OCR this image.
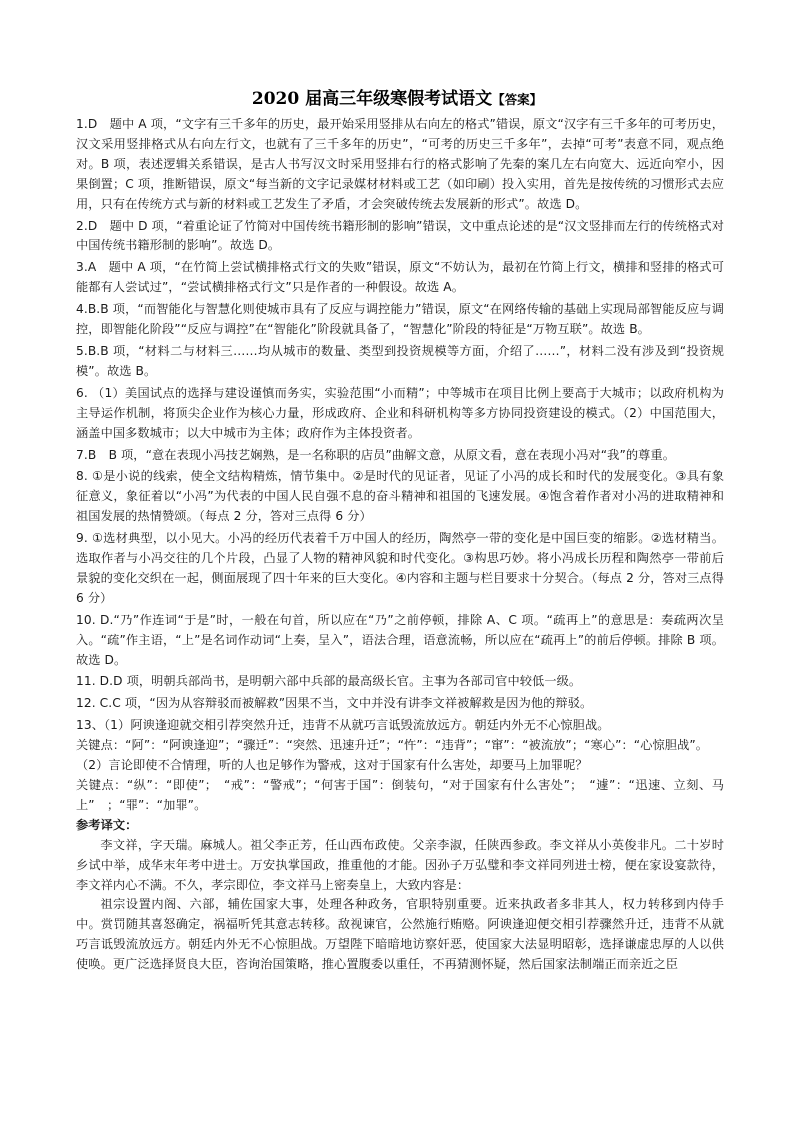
2020 届高三年级寒假考试语文【答案】

1.D　题中 A 项，“文字有三千多年的历史，最开始采用竖排从右向左的格式”错误，原文“汉字有三千多年的可考历史，汉文采用竖排格式从右向左行文，也就有了三千多年的历史”，“可考的历史三千多年”，去掉“可考”表意不同，观点绝对。B 项，表述逻辑关系错误，是古人书写汉文时采用竖排右行的格式影响了先秦的案几左右向宽大、远近向窄小，因果倒置；C 项，推断错误，原文“每当新的文字记录媒材材料或工艺（如印刷）投入实用，首先是按传统的习惯形式去应用，只有在传统方式与新的材料或工艺发生了矛盾，才会突破传统去发展新的形式”。故选 D。

2.D　题中 D 项，“着重论证了竹简对中国传统书籍形制的影响”错误，文中重点论述的是“汉文竖排而左行的传统格式对中国传统书籍形制的影响”。故选 D。

3.A　题中 A 项，“在竹简上尝试横排格式行文的失败”错误，原文“不妨认为，最初在竹简上行文，横排和竖排的格式可能都有人尝试过”，“尝试横排格式行文”只是作者的一种假设。故选 A。

4.B.B 项，“而智能化与智慧化则使城市具有了反应与调控能力”错误，原文“在网络传输的基础上实现局部智能反应与调控，即智能化阶段”“反应与调控”在“智能化”阶段就具备了，“智慧化”阶段的特征是“万物互联”。故选 B。

5.B.B 项，“材料二与材料三……均从城市的数量、类型到投资规模等方面，介绍了……”，材料二没有涉及到“投资规模”。故选 B。

6. （1）美国试点的选择与建设谨慎而务实，实验范围“小而精”；中等城市在项目比例上要高于大城市；以政府机构为主导运作机制，将顶尖企业作为核心力量，形成政府、企业和科研机构等多方协同投资建设的模式。（2）中国范围大，涵盖中国多数城市；以大中城市为主体；政府作为主体投资者。

7.B　B 项，“意在表现小冯技艺娴熟，是一名称职的店员”曲解文意，从原文看，意在表现小冯对“我”的尊重。

8. ①是小说的线索，使全文结构精炼，情节集中。②是时代的见证者，见证了小冯的成长和时代的发展变化。③具有象征意义，象征着以“小冯”为代表的中国人民自强不息的奋斗精神和祖国的飞速发展。④饱含着作者对小冯的进取精神和祖国发展的热情赞颂。（每点 2 分，答对三点得 6 分）

9. ①选材典型，以小见大。小冯的经历代表着千万中国人的经历，陶然亭一带的变化是中国巨变的缩影。②选材精当。选取作者与小冯交往的几个片段，凸显了人物的精神风貌和时代变化。③构思巧妙。将小冯成长历程和陶然亭一带前后景貌的变化交织在一起，侧面展现了四十年来的巨大变化。④内容和主题与栏目要求十分契合。（每点 2 分，答对三点得 6 分）

10. D.“乃”作连词“于是”时，一般在句首，所以应在“乃”之前停顿，排除 A、C 项。“疏再上”的意思是：奏疏两次呈入。“疏”作主语，“上”是名词作动词“上奏，呈入”，语法合理，语意流畅，所以应在“疏再上”的前后停顿。排除 B 项。故选 D。

11. D.D 项，明朝兵部尚书，是明朝六部中兵部的最高级长官。主事为各部司官中较低一级。

12. C.C 项，“因为从容辩驳而被解救”因果不当，文中并没有讲李文祥被解救是因为他的辩驳。

13、（1）阿谀逢迎就交相引荐突然升迁，违背不从就巧言诋毁流放远方。朝廷内外无不心惊胆战。

关键点：“阿”：“阿谀逢迎”；“骤迁”：“突然、迅速升迁”；“忤”：“违背”；“窜”：“被流放”；“寒心”：“心惊胆战”。

（2）言论即使不合情理，听的人也足够作为警戒，这对于国家有什么害处，却要马上加罪呢？

关键点：“纵”：“即使”；　“戒”：“警戒”；“何害于国”：倒装句，“对于国家有什么害处”；　“遽”：“迅速、立刻、马上”　；“罪”：“加罪”。

参考译文：

李文祥，字天瑞。麻城人。祖父李正芳，任山西布政使。父亲李淑，任陕西参政。李文祥从小英俊非凡。二十岁时乡试中举，成华末年考中进士。万安执掌国政，推重他的才能。因孙子万弘璧和李文祥同列进士榜，便在家设宴款待，李文祥内心不满。不久，孝宗即位，李文祥马上密奏皇上，大致内容是：

祖宗设置内阁、六部，辅佐国家大事，处理各种政务，官职特别重要。近来执政者多非其人，权力转移到内侍手中。赏罚随其喜怒确定，祸福听凭其意志转移。敌视谏官，公然施行贿赂。阿谀逢迎便交相引荐骤然升迁，违背不从就巧言诋毁流放远方。朝廷内外无不心惊胆战。万望陛下暗暗地访察奸恶，使国家大法显明昭彰，选择谦虚忠厚的人以供使唤。更广泛选择贤良大臣，咨询治国策略，推心置腹委以重任，不再猜测怀疑，然后国家法制端正而亲近之臣
